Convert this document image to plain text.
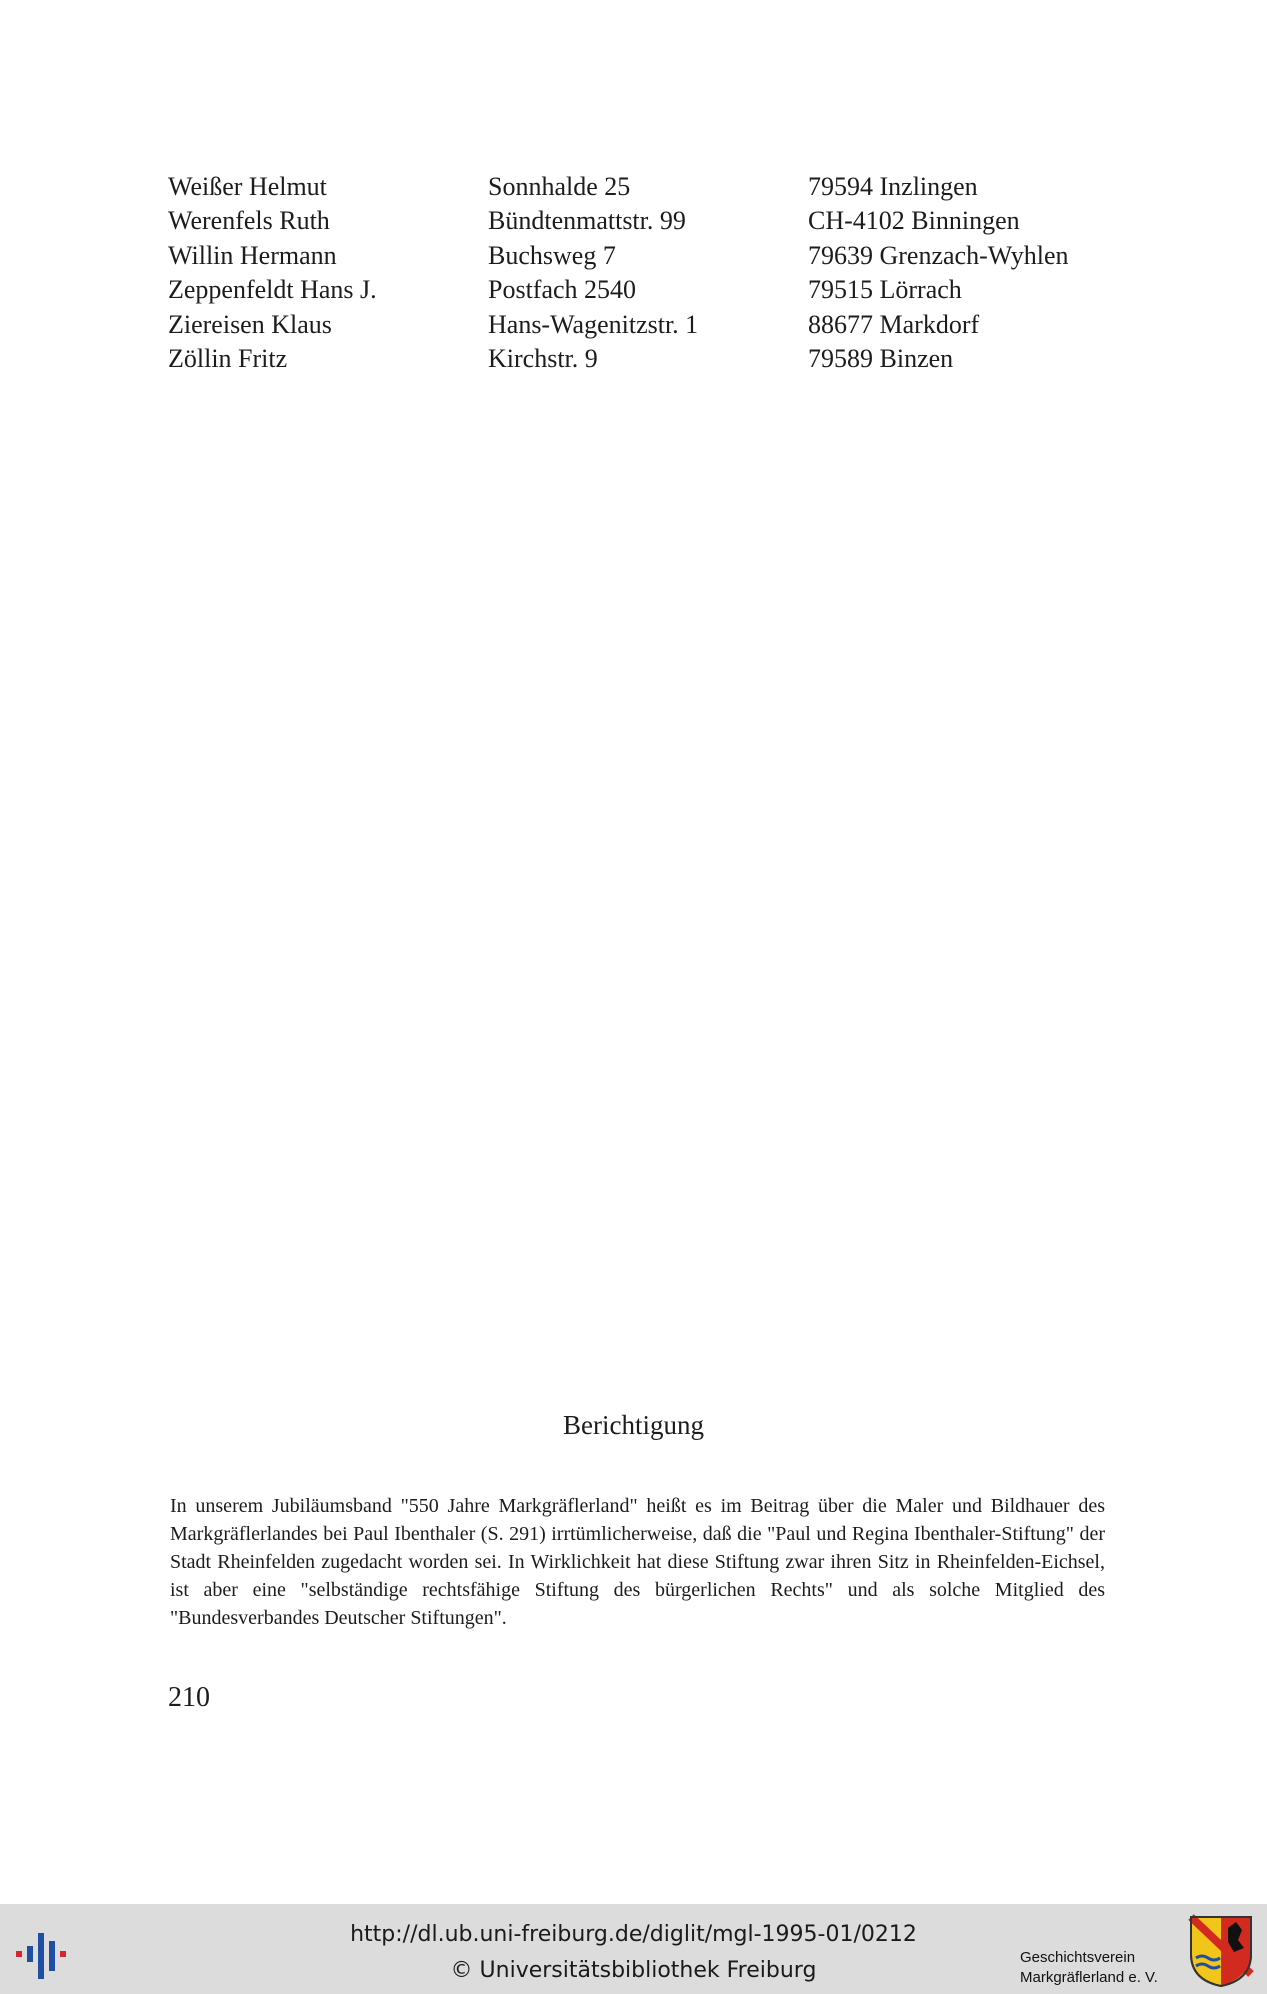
Weißer Helmut	Sonnhalde 25	79594 Inzlingen
Werenfels Ruth	Bündtenmattstr. 99	CH-4102 Binningen
Willin Hermann	Buchsweg 7	79639 Grenzach-Wyhlen
Zeppenfeldt Hans J.	Postfach 2540	79515 Lörrach
Ziereisen Klaus	Hans-Wagenitzstr. 1	88677 Markdorf
Zöllin Fritz	Kirchstr. 9	79589 Binzen
Berichtigung

In unserem Jubiläumsband "550 Jahre Markgräflerland" heißt es im Beitrag über die Maler und Bildhauer des Markgräflerlandes bei Paul Ibenthaler (S. 291) irrtümlicherweise, daß die "Paul und Regina Ibenthaler-Stiftung" der Stadt Rheinfelden zugedacht worden sei. In Wirklichkeit hat diese Stiftung zwar ihren Sitz in Rheinfelden-Eichsel, ist aber eine "selbständige rechtsfähige Stiftung des bürgerlichen Rechts" und als solche Mitglied des "Bundesverbandes Deutscher Stiftungen".

210
http://dl.ub.uni-freiburg.de/diglit/mgl-1995-01/0212
© Universitätsbibliothek Freiburg
Geschichtsverein
Markgräflerland e. V.
